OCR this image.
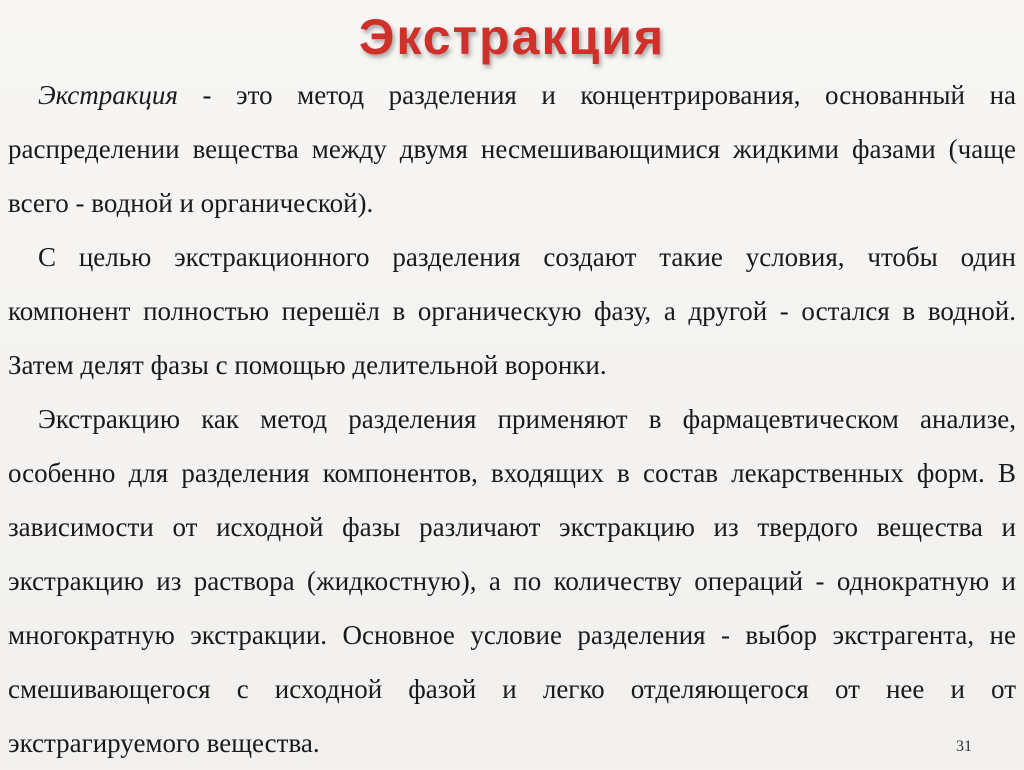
Экстракция

Экстракция - это метод разделения и концентрирования, основанный на распределении вещества между двумя несмешивающимися жидкими фазами (чаще всего - водной и органической).

С целью экстракционного разделения создают такие условия, чтобы один компонент полностью перешёл в органическую фазу, а другой - остался в водной. Затем делят фазы с помощью делительной воронки.

Экстракцию как метод разделения применяют в фармацевтическом анализе, особенно для разделения компонентов, входящих в состав лекарственных форм. В зависимости от исходной фазы различают экстракцию из твердого вещества и экстракцию из раствора (жидкостную), а по количеству операций - однократную и многократную экстракции. Основное условие разделения - выбор экстрагента, не смешивающегося с исходной фазой и легко отделяющегося от нее и от экстрагируемого вещества.	31
